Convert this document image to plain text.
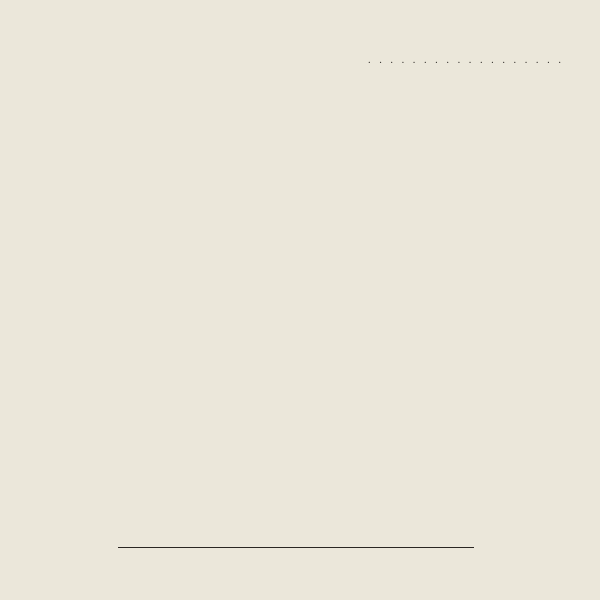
. . . . . . . . . . . . . . . . . .
